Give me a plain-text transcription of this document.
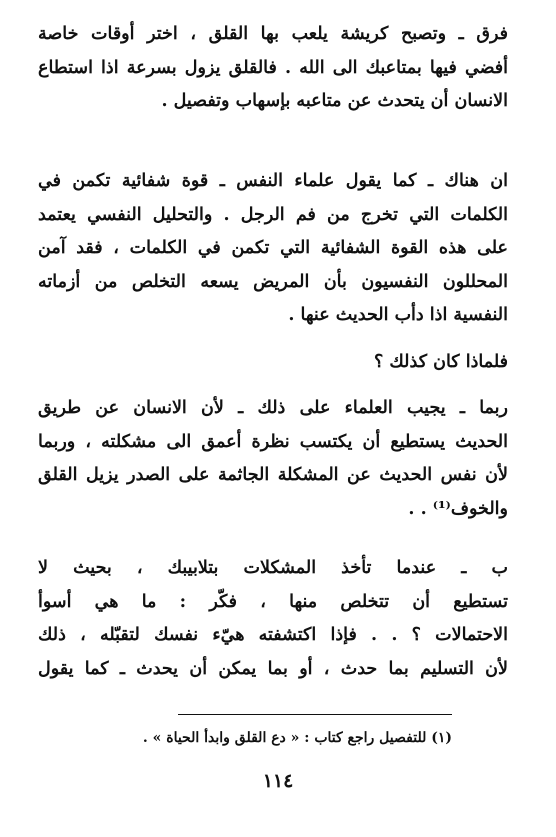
فرق ـ وتصبح كريشة يلعب بها القلق ، اختر أوقات خاصة
أفضي فيها بمتاعبك الى الله . فالقلق يزول بسرعة اذا استطاع
الانسان أن يتحدث عن متاعبه بإسهاب وتفصيل .
ان هناك ـ كما يقول علماء النفس ـ قوة شفائية تكمن في
الكلمات التي تخرج من فم الرجل . والتحليل النفسي يعتمد
على هذه القوة الشفائية التي تكمن في الكلمات ، فقد آمن
المحللون النفسيون بأن المريض يسعه التخلص من أزماته
النفسية اذا دأب الحديث عنها .
فلماذا كان كذلك ؟
ربما ـ يجيب العلماء على ذلك ـ لأن الانسان عن طريق
الحديث يستطيع أن يكتسب نظرة أعمق الى مشكلته ، وربما
لأن نفس الحديث عن المشكلة الجاثمة على الصدر يزيل القلق
والخوف⁽¹⁾ . .
ب ـ عندما تأخذ المشكلات بتلابيبك ، بحيث لا
تستطيع أن تتخلص منها ، فكّر : ما هي أسوأ
الاحتمالات ؟ . . فإذا اكتشفته هيّء نفسك لتقبّله ، ذلك
لأن التسليم بما حدث ، أو بما يمكن أن يحدث ـ كما يقول
(١) للتفصيل راجع كتاب : « دع القلق وابدأ الحياة » .
١١٤
